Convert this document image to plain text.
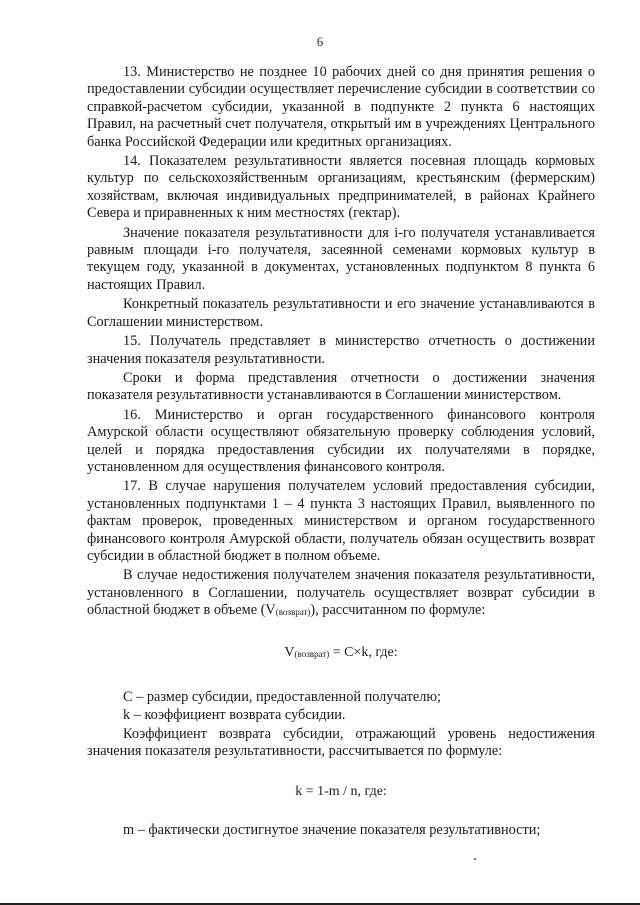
6

13. Министерство не позднее 10 рабочих дней со дня принятия решения о предоставлении субсидии осуществляет перечисление субсидии в соответствии со справкой-расчетом субсидии, указанной в подпункте 2 пункта 6 настоящих Правил, на расчетный счет получателя, открытый им в учреждениях Центрального банка Российской Федерации или кредитных организациях.

14. Показателем результативности является посевная площадь кормовых культур по сельскохозяйственным организациям, крестьянским (фермерским) хозяйствам, включая индивидуальных предпринимателей, в районах Крайнего Севера и приравненных к ним местностях (гектар).

Значение показателя результативности для i-го получателя устанавливается равным площади i-го получателя, засеянной семенами кормовых культур в текущем году, указанной в документах, установленных подпунктом 8 пункта 6 настоящих Правил.

Конкретный показатель результативности и его значение устанавливаются в Соглашении министерством.

15. Получатель представляет в министерство отчетность о достижении значения показателя результативности.

Сроки и форма представления отчетности о достижении значения показателя результативности устанавливаются в Соглашении министерством.

16. Министерство и орган государственного финансового контроля Амурской области осуществляют обязательную проверку соблюдения условий, целей и порядка предоставления субсидии их получателями в порядке, установленном для осуществления финансового контроля.

17. В случае нарушения получателем условий предоставления субсидии, установленных подпунктами 1 – 4 пункта 3 настоящих Правил, выявленного по фактам проверок, проведенных министерством и органом государственного финансового контроля Амурской области, получатель обязан осуществить возврат субсидии в областной бюджет в полном объеме.

В случае недостижения получателем значения показателя результативности, установленного в Соглашении, получатель осуществляет возврат субсидии в областной бюджет в объеме (V(возврат)), рассчитанном по формуле:

$V_{(возврат)} = C\times k$, где:

С – размер субсидии, предоставленной получателю;

k – коэффициент возврата субсидии.

Коэффициент возврата субсидии, отражающий уровень недостижения значения показателя результативности, рассчитывается по формуле:

k = 1-m / n, где:

m – фактически достигнутое значение показателя результативности;
